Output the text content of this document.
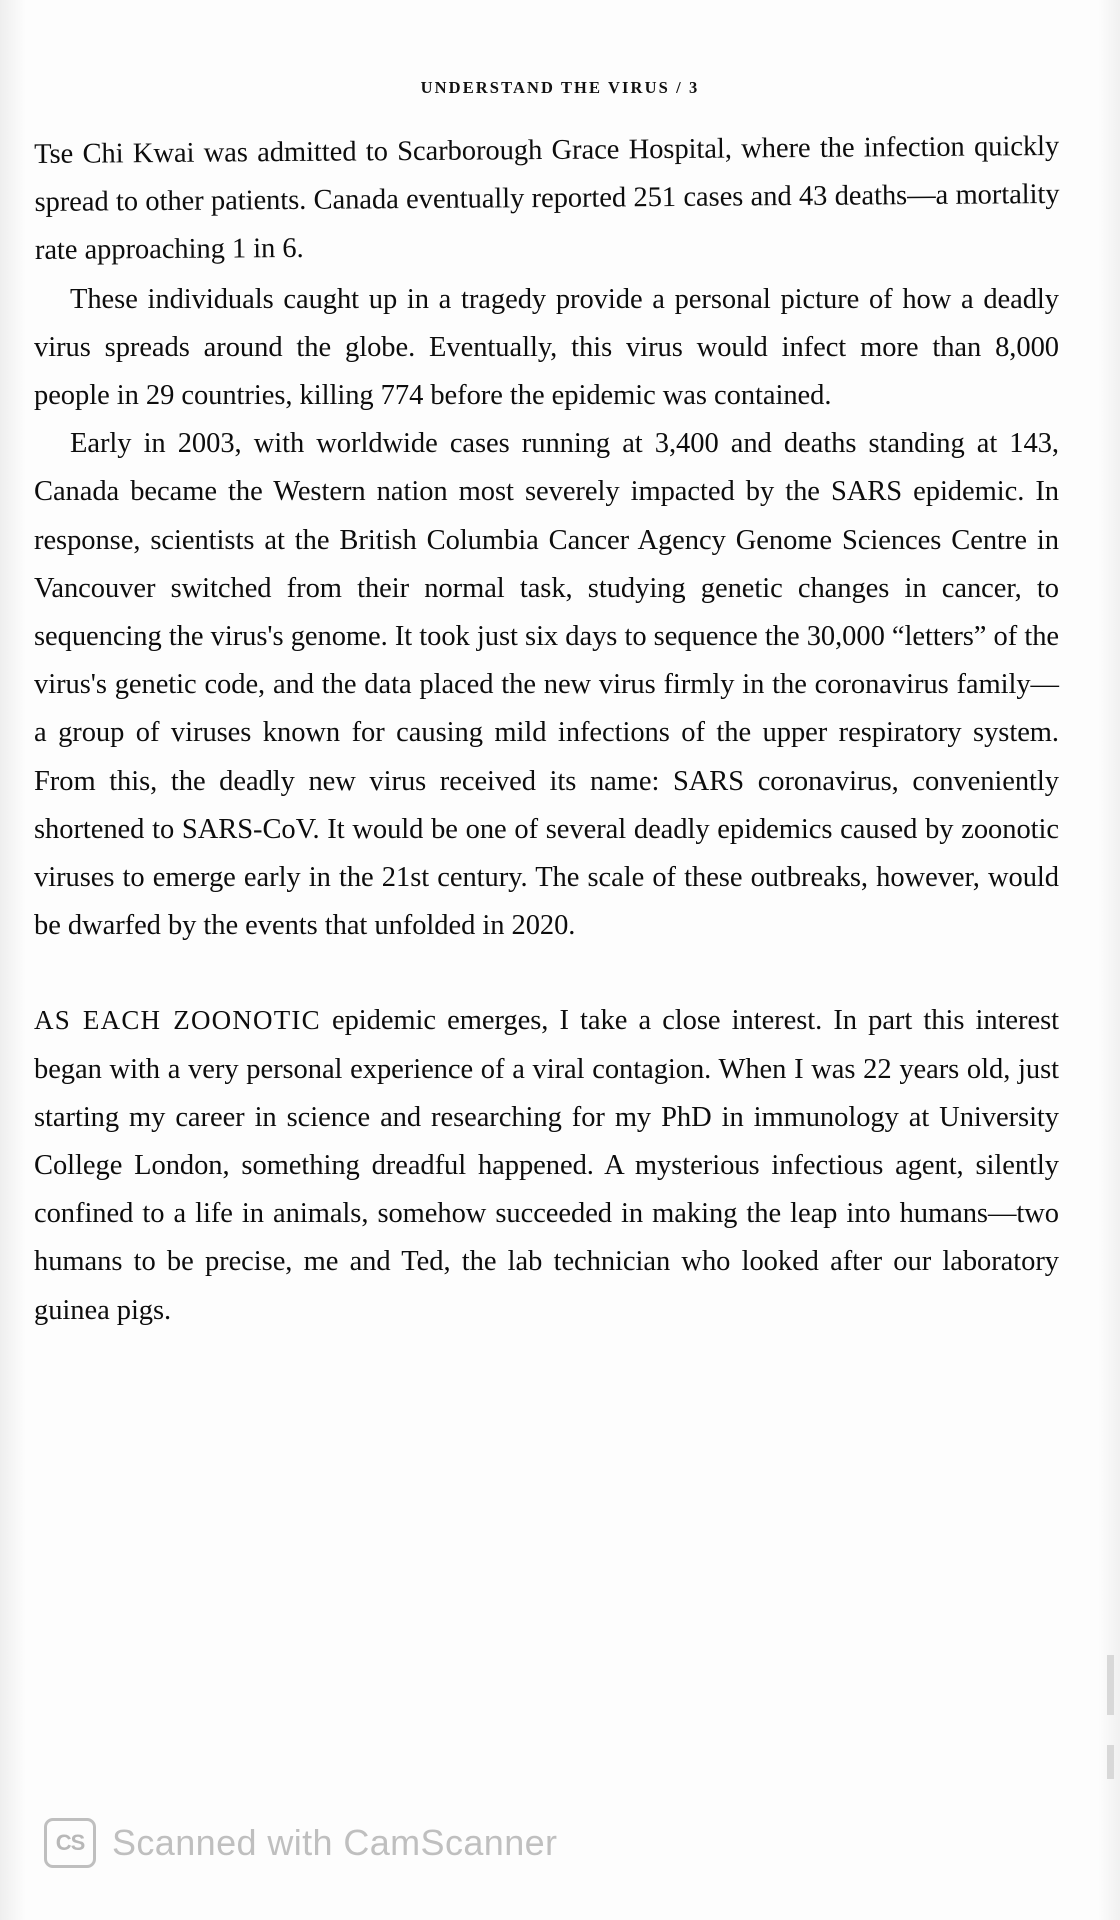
UNDERSTAND THE VIRUS / 3

Tse Chi Kwai was admitted to Scarborough Grace Hospital, where the infection quickly spread to other patients. Canada eventually reported 251 cases and 43 deaths—a mortality rate approaching 1 in 6.

These individuals caught up in a tragedy provide a personal picture of how a deadly virus spreads around the globe. Eventually, this virus would infect more than 8,000 people in 29 countries, killing 774 before the epidemic was contained.

Early in 2003, with worldwide cases running at 3,400 and deaths standing at 143, Canada became the Western nation most severely impacted by the SARS epidemic. In response, scientists at the British Columbia Cancer Agency Genome Sciences Centre in Vancouver switched from their normal task, studying genetic changes in cancer, to sequencing the virus's genome. It took just six days to sequence the 30,000 “letters” of the virus's genetic code, and the data placed the new virus firmly in the coronavirus family—a group of viruses known for causing mild infections of the upper respiratory system. From this, the deadly new virus received its name: SARS coronavirus, conveniently shortened to SARS-CoV. It would be one of several deadly epidemics caused by zoonotic viruses to emerge early in the 21st century. The scale of these outbreaks, however, would be dwarfed by the events that unfolded in 2020.

AS EACH ZOONOTIC epidemic emerges, I take a close interest. In part this interest began with a very personal experience of a viral contagion. When I was 22 years old, just starting my career in science and researching for my PhD in immunology at University College London, something dreadful happened. A mysterious infectious agent, silently confined to a life in animals, somehow succeeded in making the leap into humans—two humans to be precise, me and Ted, the lab technician who looked after our laboratory guinea pigs.

CS Scanned with CamScanner
